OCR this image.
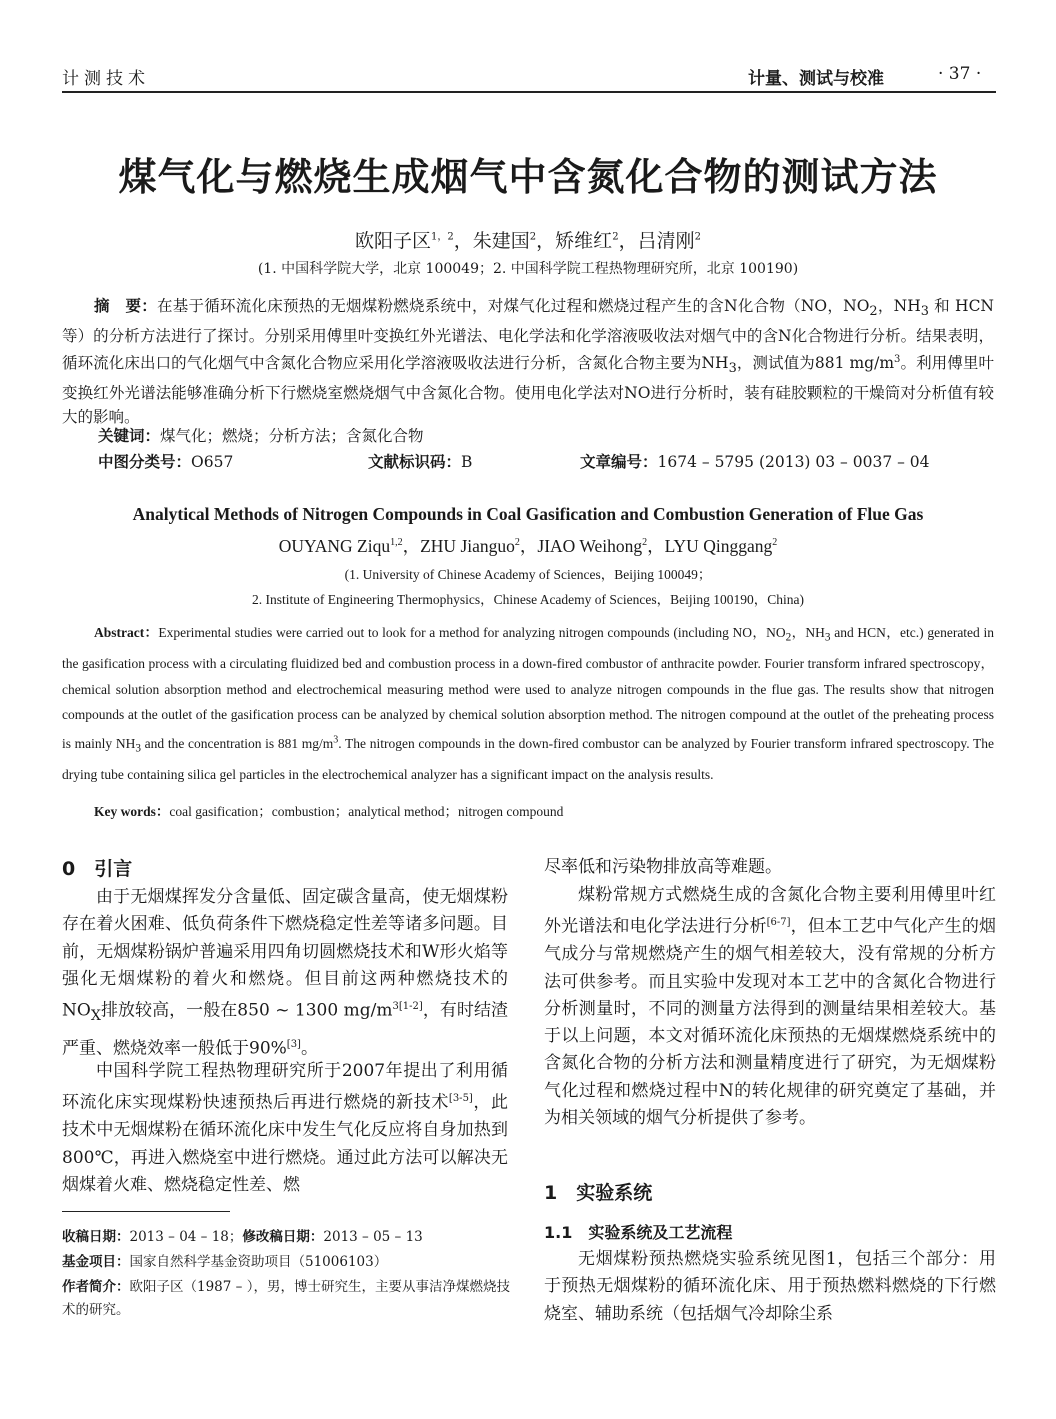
计测技术	计量、测试与校准	· 37 ·
煤气化与燃烧生成烟气中含氮化合物的测试方法
欧阳子区$^{1,2}$，朱建国$^2$，矫维红$^2$，吕清刚$^2$
(1. 中国科学院大学，北京 100049；2. 中国科学院工程热物理研究所，北京 100190)
摘　要：在基于循环流化床预热的无烟煤粉燃烧系统中，对煤气化过程和燃烧过程产生的含N化合物（NO，$NO_2$，$NH_3$ 和 HCN 等）的分析方法进行了探讨。分别采用傅里叶变换红外光谱法、电化学法和化学溶液吸收法对烟气中的含N化合物进行分析。结果表明，循环流化床出口的气化烟气中含氮化合物应采用化学溶液吸收法进行分析，含氮化合物主要为$NH_3$，测试值为881 $mg/m^3$。利用傅里叶变换红外光谱法能够准确分析下行燃烧室燃烧烟气中含氮化合物。使用电化学法对NO进行分析时，装有硅胶颗粒的干燥筒对分析值有较大的影响。
关键词：煤气化；燃烧；分析方法；含氮化合物
中图分类号：O657	文献标识码：B	文章编号：1674 – 5795 (2013) 03 – 0037 – 04
Analytical Methods of Nitrogen Compounds in Coal Gasification and Combustion Generation of Flue Gas
OUYANG Ziqu$^{1,2}$，ZHU Jianguo$^2$，JIAO Weihong$^2$，LYU Qinggang$^2$
(1. University of Chinese Academy of Sciences，Beijing 100049；
2. Institute of Engineering Thermophysics，Chinese Academy of Sciences，Beijing 100190，China)
Abstract：Experimental studies were carried out to look for a method for analyzing nitrogen compounds (including NO，$NO_2$，$NH_3$ and HCN，etc.) generated in the gasification process with a circulating fluidized bed and combustion process in a down-fired combustor of anthracite powder. Fourier transform infrared spectroscopy，chemical solution absorption method and electrochemical measuring method were used to analyze nitrogen compounds in the flue gas. The results show that nitrogen compounds at the outlet of the gasification process can be analyzed by chemical solution absorption method. The nitrogen compound at the outlet of the preheating process is mainly $NH_3$ and the concentration is 881 $mg/m^3$. The nitrogen compounds in the down-fired combustor can be analyzed by Fourier transform infrared spectroscopy. The drying tube containing silica gel particles in the electrochemical analyzer has a significant impact on the analysis results.
Key words：coal gasification；combustion；analytical method；nitrogen compound
0　引言
由于无烟煤挥发分含量低、固定碳含量高，使无烟煤粉存在着火困难、低负荷条件下燃烧稳定性差等诸多问题。目前，无烟煤粉锅炉普遍采用四角切圆燃烧技术和W形火焰等强化无烟煤粉的着火和燃烧。但目前这两种燃烧技术的$NO_X$排放较高，一般在850 ~ 1300 $mg/m^{3[1-2]}$，有时结渣严重、燃烧效率一般低于90%[3]。
中国科学院工程热物理研究所于2007年提出了利用循环流化床实现煤粉快速预热后再进行燃烧的新技术[3-5]，此技术中无烟煤粉在循环流化床中发生气化反应将自身加热到800℃，再进入燃烧室中进行燃烧。通过此方法可以解决无烟煤着火难、燃烧稳定性差、燃
收稿日期：2013 – 04 – 18；修改稿日期：2013 – 05 – 13
基金项目：国家自然科学基金资助项目（51006103）
作者简介：欧阳子区（1987 – ），男，博士研究生，主要从事洁净煤燃烧技术的研究。
尽率低和污染物排放高等难题。
煤粉常规方式燃烧生成的含氮化合物主要利用傅里叶红外光谱法和电化学法进行分析[6-7]，但本工艺中气化产生的烟气成分与常规燃烧产生的烟气相差较大，没有常规的分析方法可供参考。而且实验中发现对本工艺中的含氮化合物进行分析测量时，不同的测量方法得到的测量结果相差较大。基于以上问题，本文对循环流化床预热的无烟煤燃烧系统中的含氮化合物的分析方法和测量精度进行了研究，为无烟煤粉气化过程和燃烧过程中N的转化规律的研究奠定了基础，并为相关领域的烟气分析提供了参考。
1　实验系统
1.1　实验系统及工艺流程
无烟煤粉预热燃烧实验系统见图1，包括三个部分：用于预热无烟煤粉的循环流化床、用于预热燃料燃烧的下行燃烧室、辅助系统（包括烟气冷却除尘系
